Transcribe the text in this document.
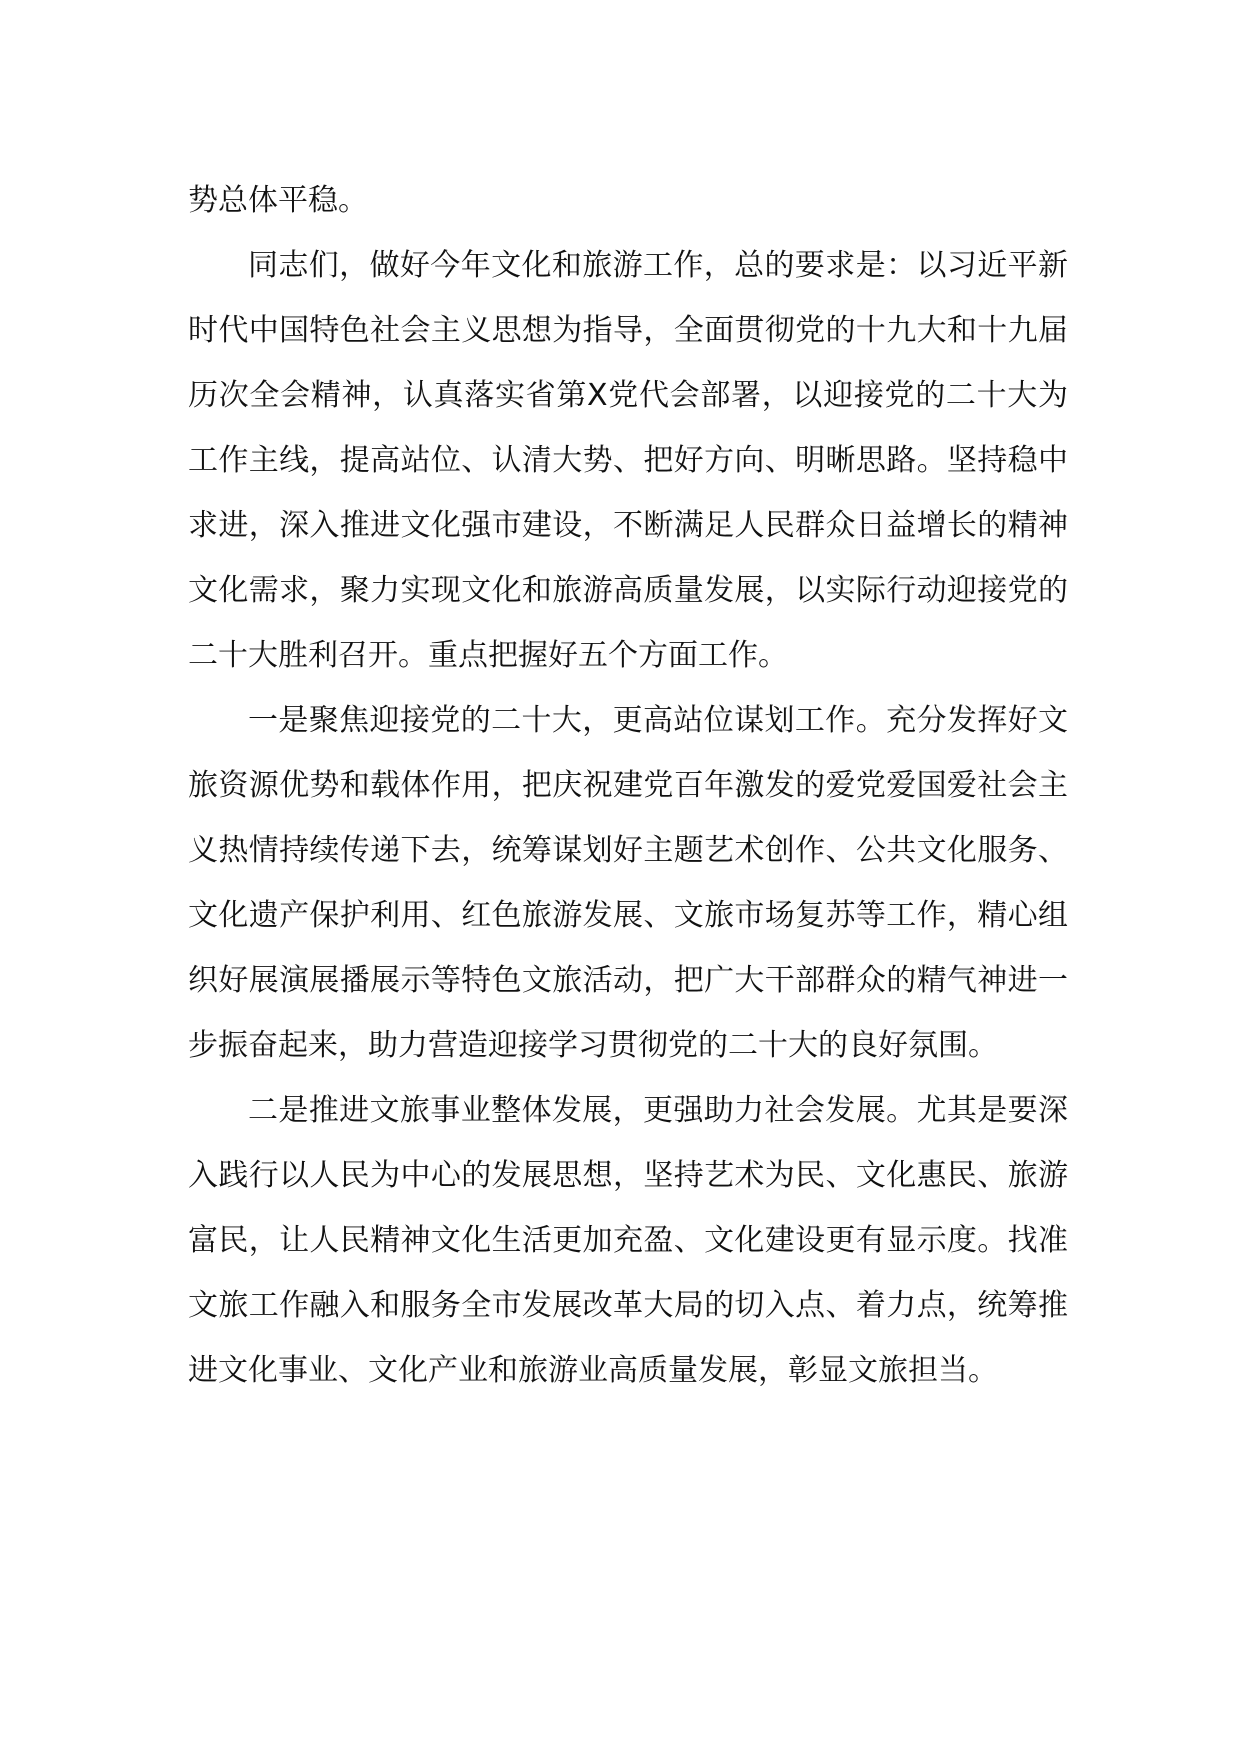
势总体平稳。

同志们，做好今年文化和旅游工作，总的要求是：以习近平新时代中国特色社会主义思想为指导，全面贯彻党的十九大和十九届历次全会精神，认真落实省第X党代会部署，以迎接党的二十大为工作主线，提高站位、认清大势、把好方向、明晰思路。坚持稳中求进，深入推进文化强市建设，不断满足人民群众日益增长的精神文化需求，聚力实现文化和旅游高质量发展，以实际行动迎接党的二十大胜利召开。重点把握好五个方面工作。

一是聚焦迎接党的二十大，更高站位谋划工作。充分发挥好文旅资源优势和载体作用，把庆祝建党百年激发的爱党爱国爱社会主义热情持续传递下去，统筹谋划好主题艺术创作、公共文化服务、文化遗产保护利用、红色旅游发展、文旅市场复苏等工作，精心组织好展演展播展示等特色文旅活动，把广大干部群众的精气神进一步振奋起来，助力营造迎接学习贯彻党的二十大的良好氛围。

二是推进文旅事业整体发展，更强助力社会发展。尤其是要深入践行以人民为中心的发展思想，坚持艺术为民、文化惠民、旅游富民，让人民精神文化生活更加充盈、文化建设更有显示度。找准文旅工作融入和服务全市发展改革大局的切入点、着力点，统筹推进文化事业、文化产业和旅游业高质量发展，彰显文旅担当。
